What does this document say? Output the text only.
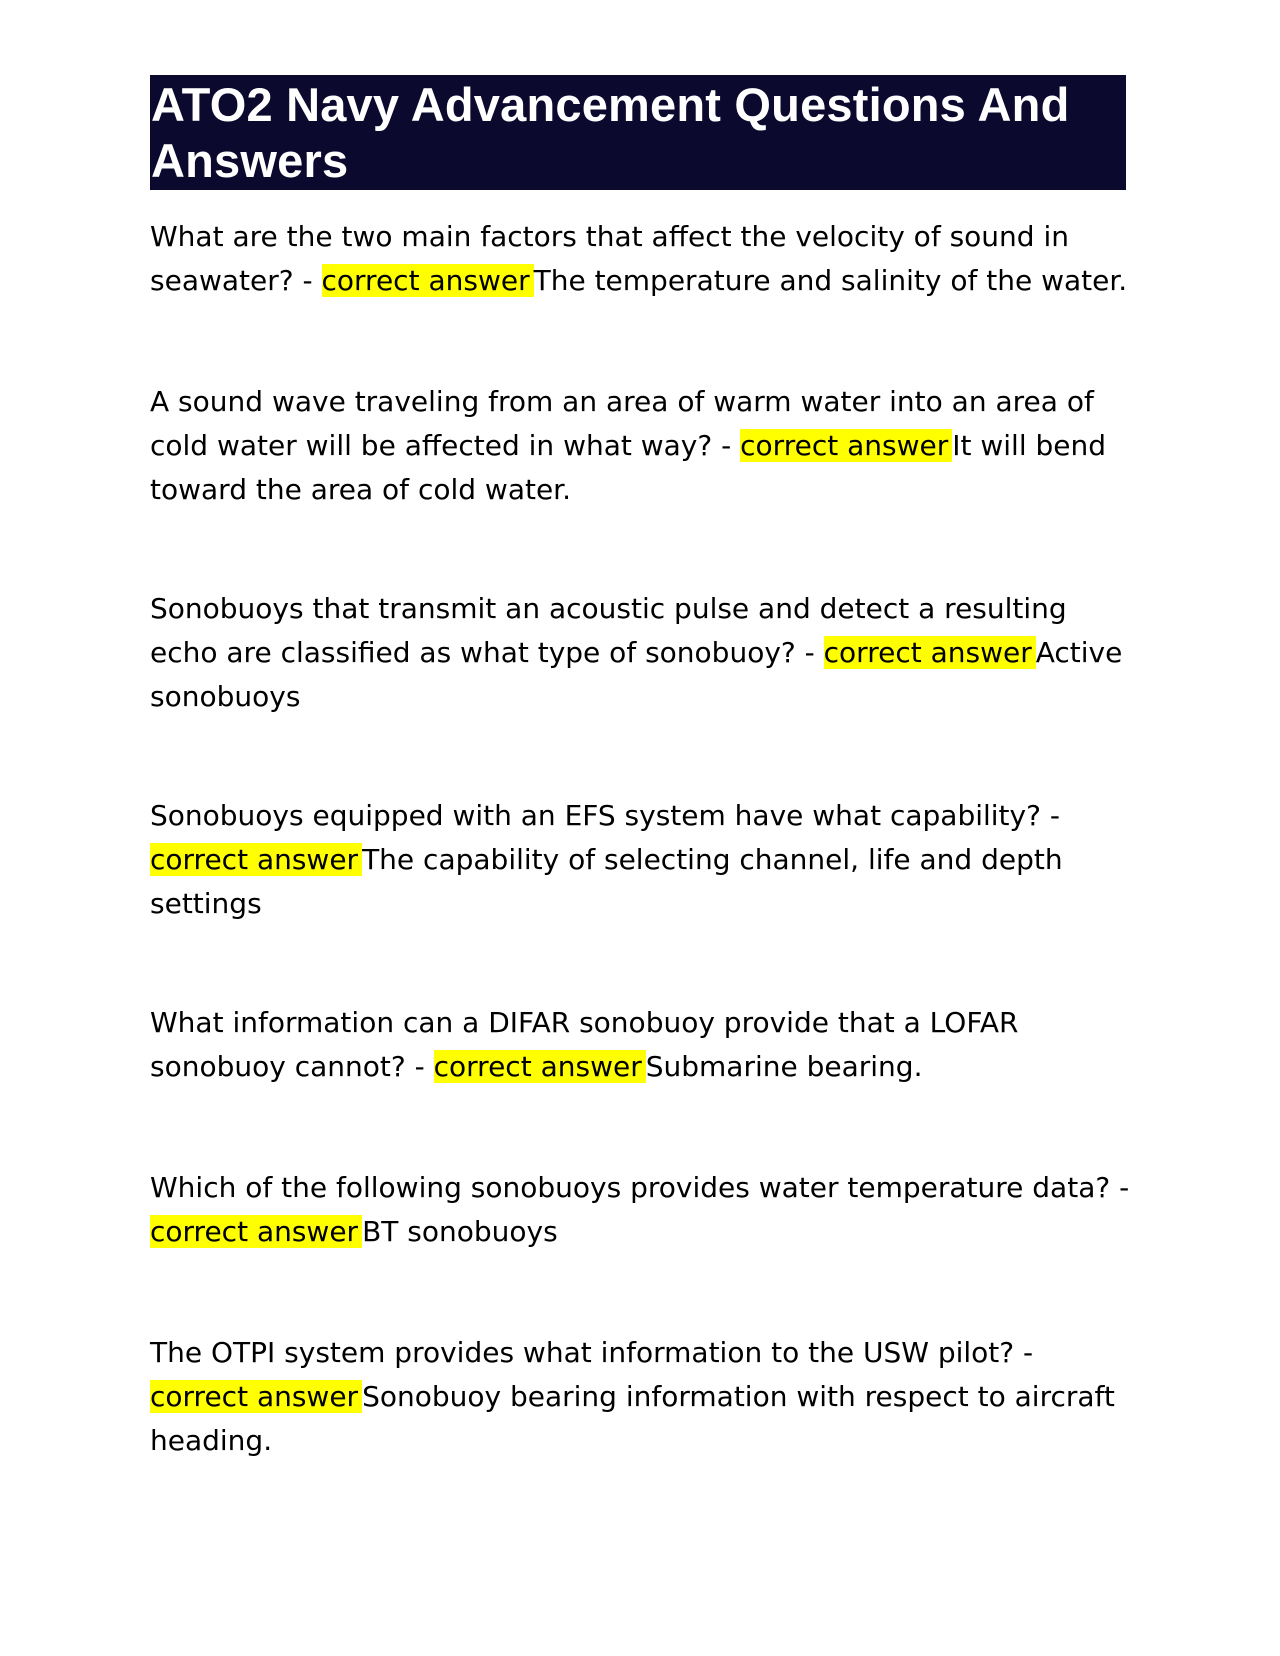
ATO2 Navy Advancement Questions And Answers

What are the two main factors that affect the velocity of sound in seawater? - correct answer The temperature and salinity of the water.

A sound wave traveling from an area of warm water into an area of cold water will be affected in what way? - correct answer It will bend toward the area of cold water.

Sonobuoys that transmit an acoustic pulse and detect a resulting echo are classified as what type of sonobuoy? - correct answer Active sonobuoys

Sonobuoys equipped with an EFS system have what capability? - correct answer The capability of selecting channel, life and depth settings

What information can a DIFAR sonobuoy provide that a LOFAR sonobuoy cannot? - correct answer Submarine bearing.

Which of the following sonobuoys provides water temperature data? - correct answer BT sonobuoys

The OTPI system provides what information to the USW pilot? - correct answer Sonobuoy bearing information with respect to aircraft heading.
